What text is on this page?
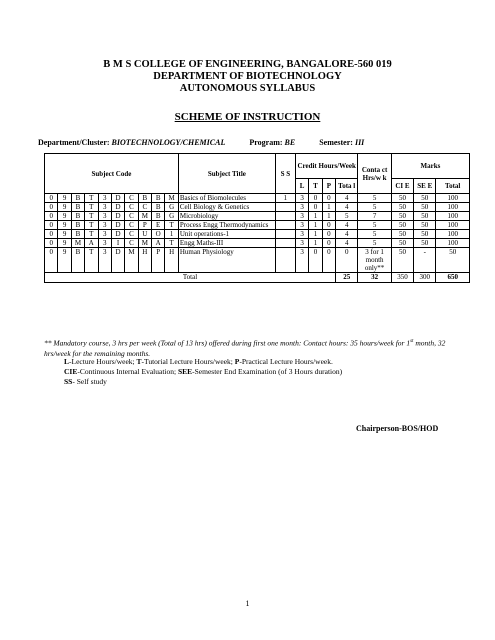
B M S COLLEGE OF ENGINEERING, BANGALORE-560 019
DEPARTMENT OF BIOTECHNOLOGY
AUTONOMOUS SYLLABUS
SCHEME OF INSTRUCTION
Department/Cluster: BIOTECHNOLOGY/CHEMICAL	Program: BE	Semester: III
Subject Code										Subject Title	S S	Credit Hours/Week				Conta ct Hrs/w k	Marks		
												L	T	P	Tota l		CI E	SE E	Total
0	9	B	T	3	D	C	B	B	M	Basics of Biomolecules	1	3	0	0	4	5	50	50	100
0	9	B	T	3	D	C	C	B	G	Cell Biology & Genetics		3	0	1	4	5	50	50	100
0	9	B	T	3	D	C	M	B	G	Microbiology		3	1	1	5	7	50	50	100
0	9	B	T	3	D	C	P	E	T	Process Engg Thermodynamics		3	1	0	4	5	50	50	100
0	9	B	T	3	D	C	U	O	1	Unit operations-1		3	1	0	4	5	50	50	100
0	9	M	A	3	I	C	M	A	T	Engg Maths-III		3	1	0	4	5	50	50	100
0	9	B	T	3	D	M	H	P	H	Human Physiology		3	0	0	0	3 for 1 month only**	50	-	50
Total															25	32	350	300	650
** Mandatory course, 3 hrs per week (Total of 13 hrs) offered during first one month: Contact hours: 35 hours/week for 1st month, 32 hrs/week for the remaining months.
L-Lecture Hours/week; T-Tutorial Lecture Hours/week; P-Practical Lecture Hours/week.
CIE-Continuous Internal Evaluation; SEE-Semester End Examination (of 3 Hours duration)
SS- Self study
Chairperson-BOS/HOD
1
